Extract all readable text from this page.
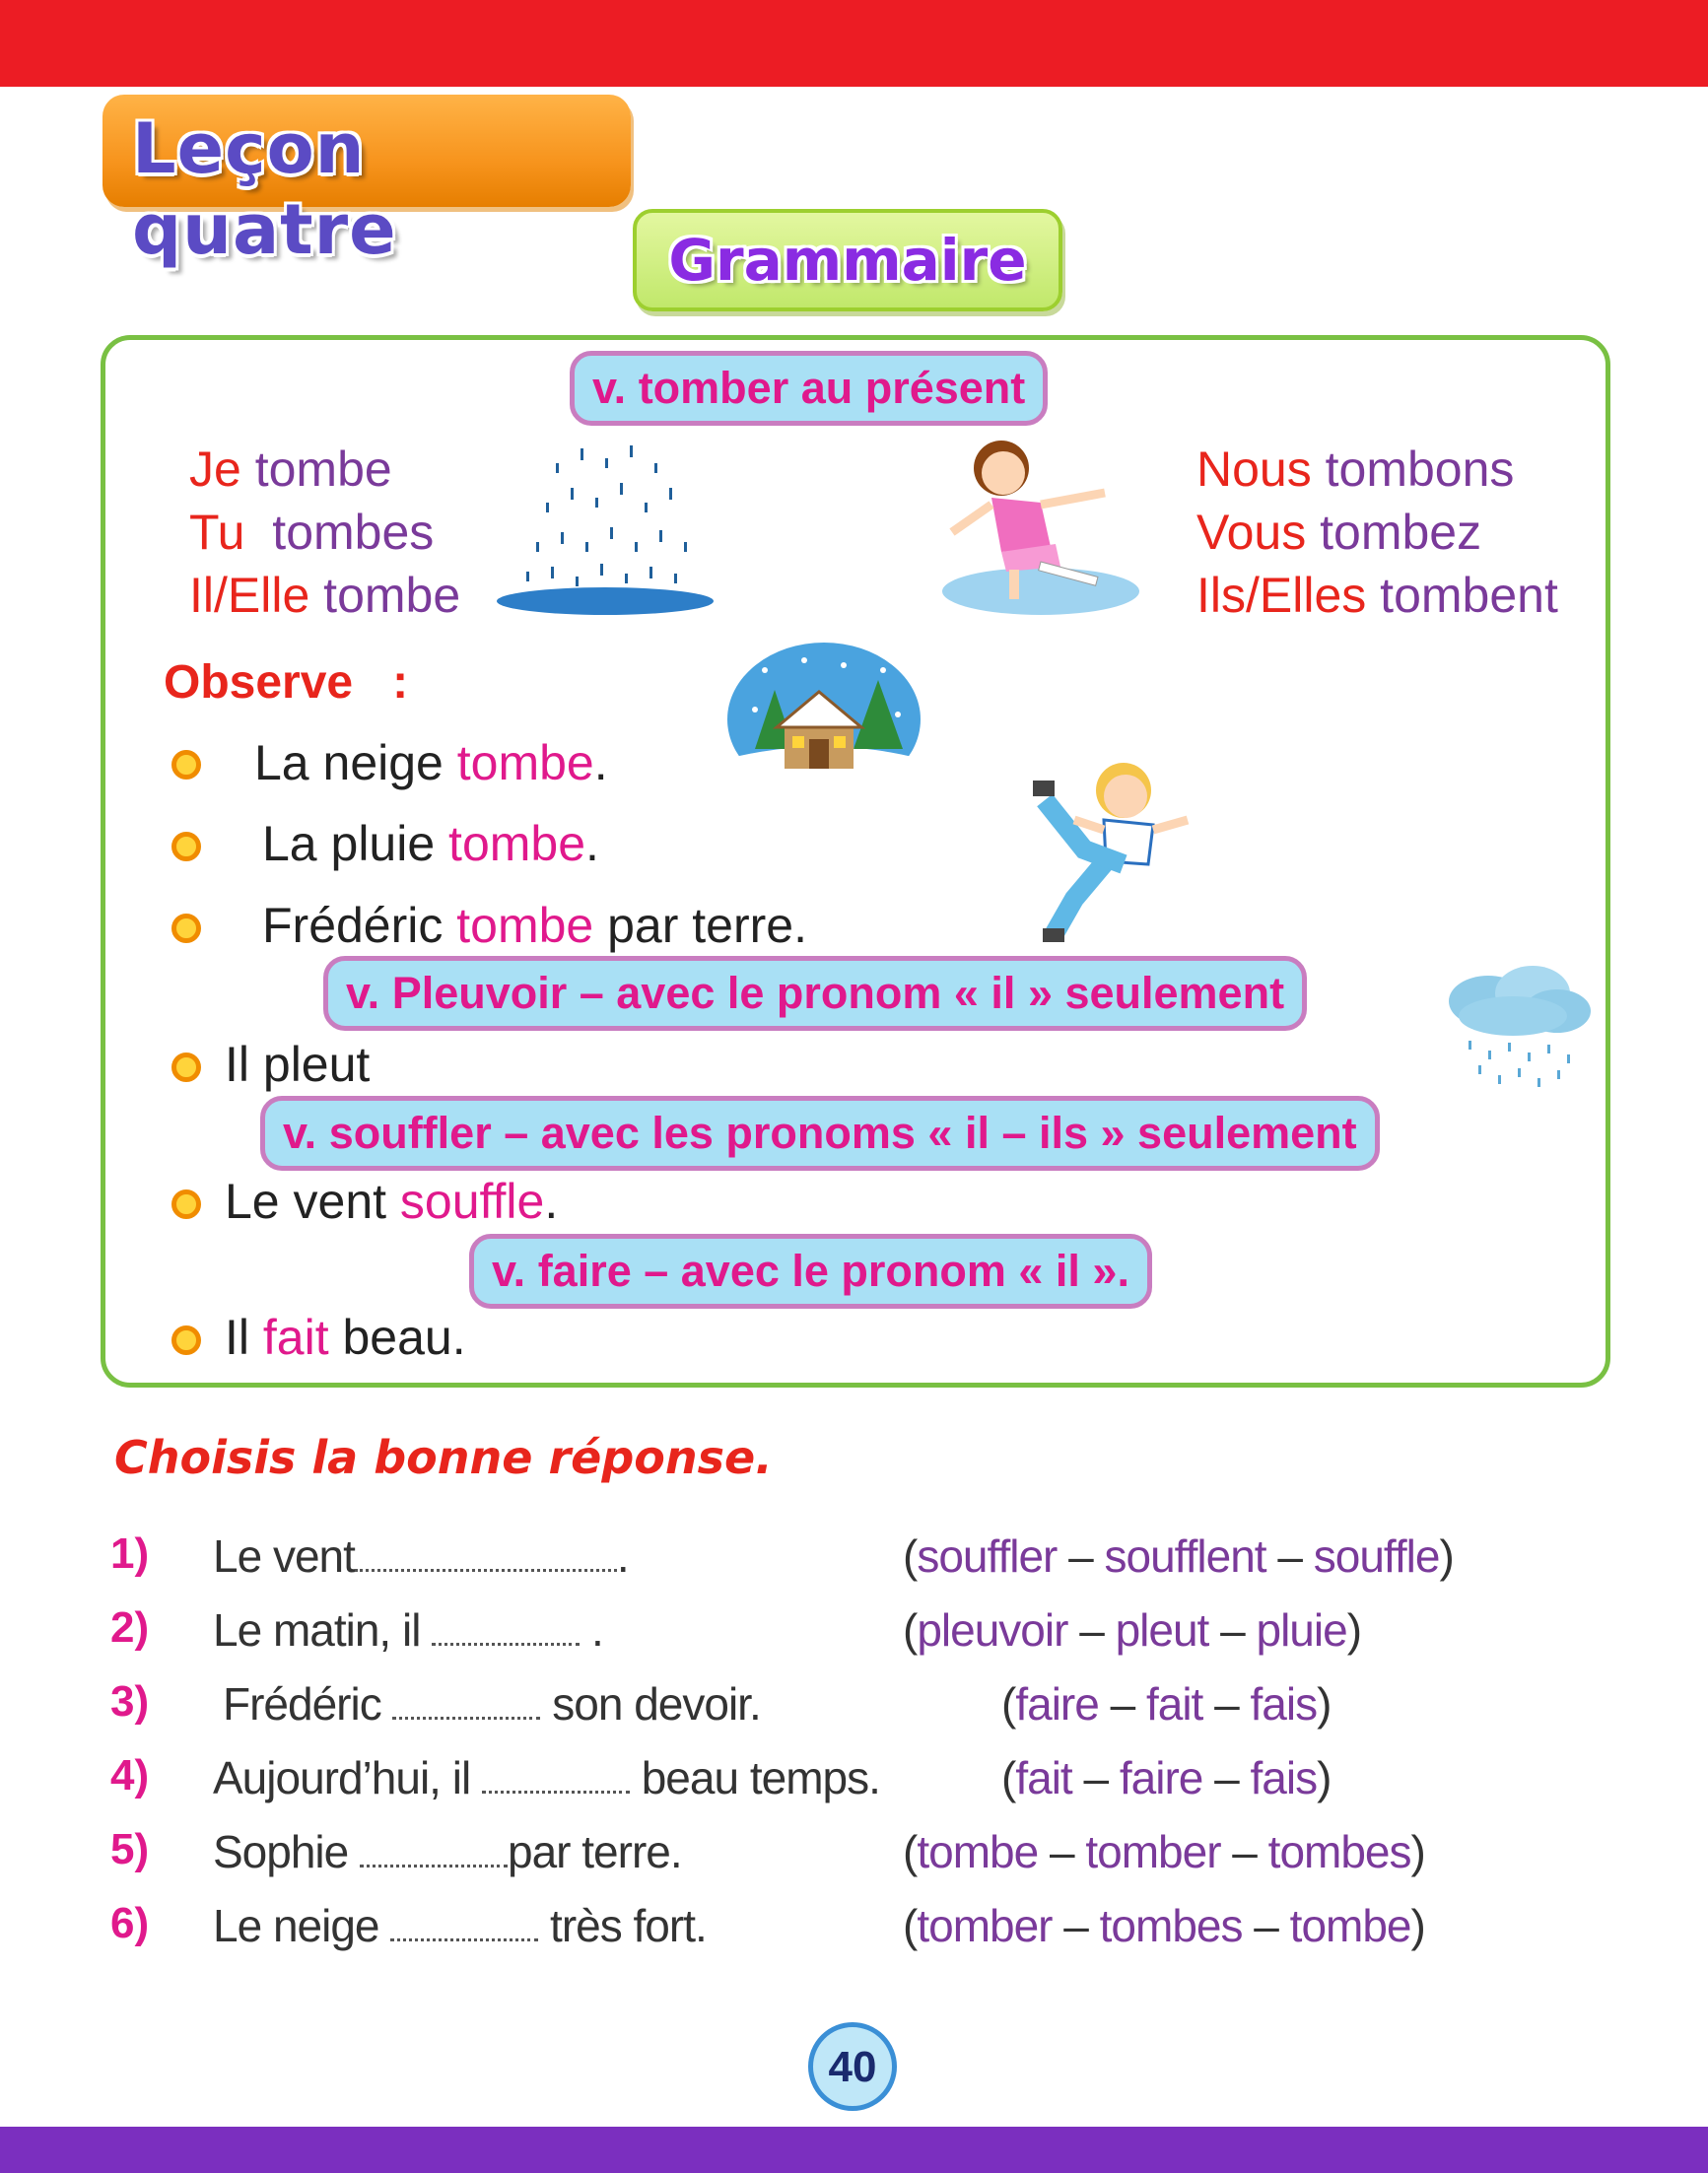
Leçon quatre	Grammaire
v. tomber au présent
Je tombe
Tu tombes
Il/Elle tombe
Nous tombons
Vous tombez
Ils/Elles tombent
Observe :
La neige tombe.
La pluie tombe.
Frédéric tombe par terre.
v. Pleuvoir – avec le pronom « il » seulement
Il pleut
v. souffler – avec les pronoms « il – ils » seulement
Le vent souffle.
v. faire – avec le pronom « il ».
Il fait beau.
Choisis la bonne réponse.
1) Le vent	.	(souffler – soufflent – souffle)
2) Le matin, il	.	(pleuvoir – pleut – pluie)
3) Frédéric	son devoir.	(faire – fait – fais)
4) Aujourd’hui, il	beau temps.	(fait – faire – fais)
5) Sophie	par terre.	(tombe – tomber – tombes)
6) Le neige	très fort.	(tomber – tombes – tombe)
40
